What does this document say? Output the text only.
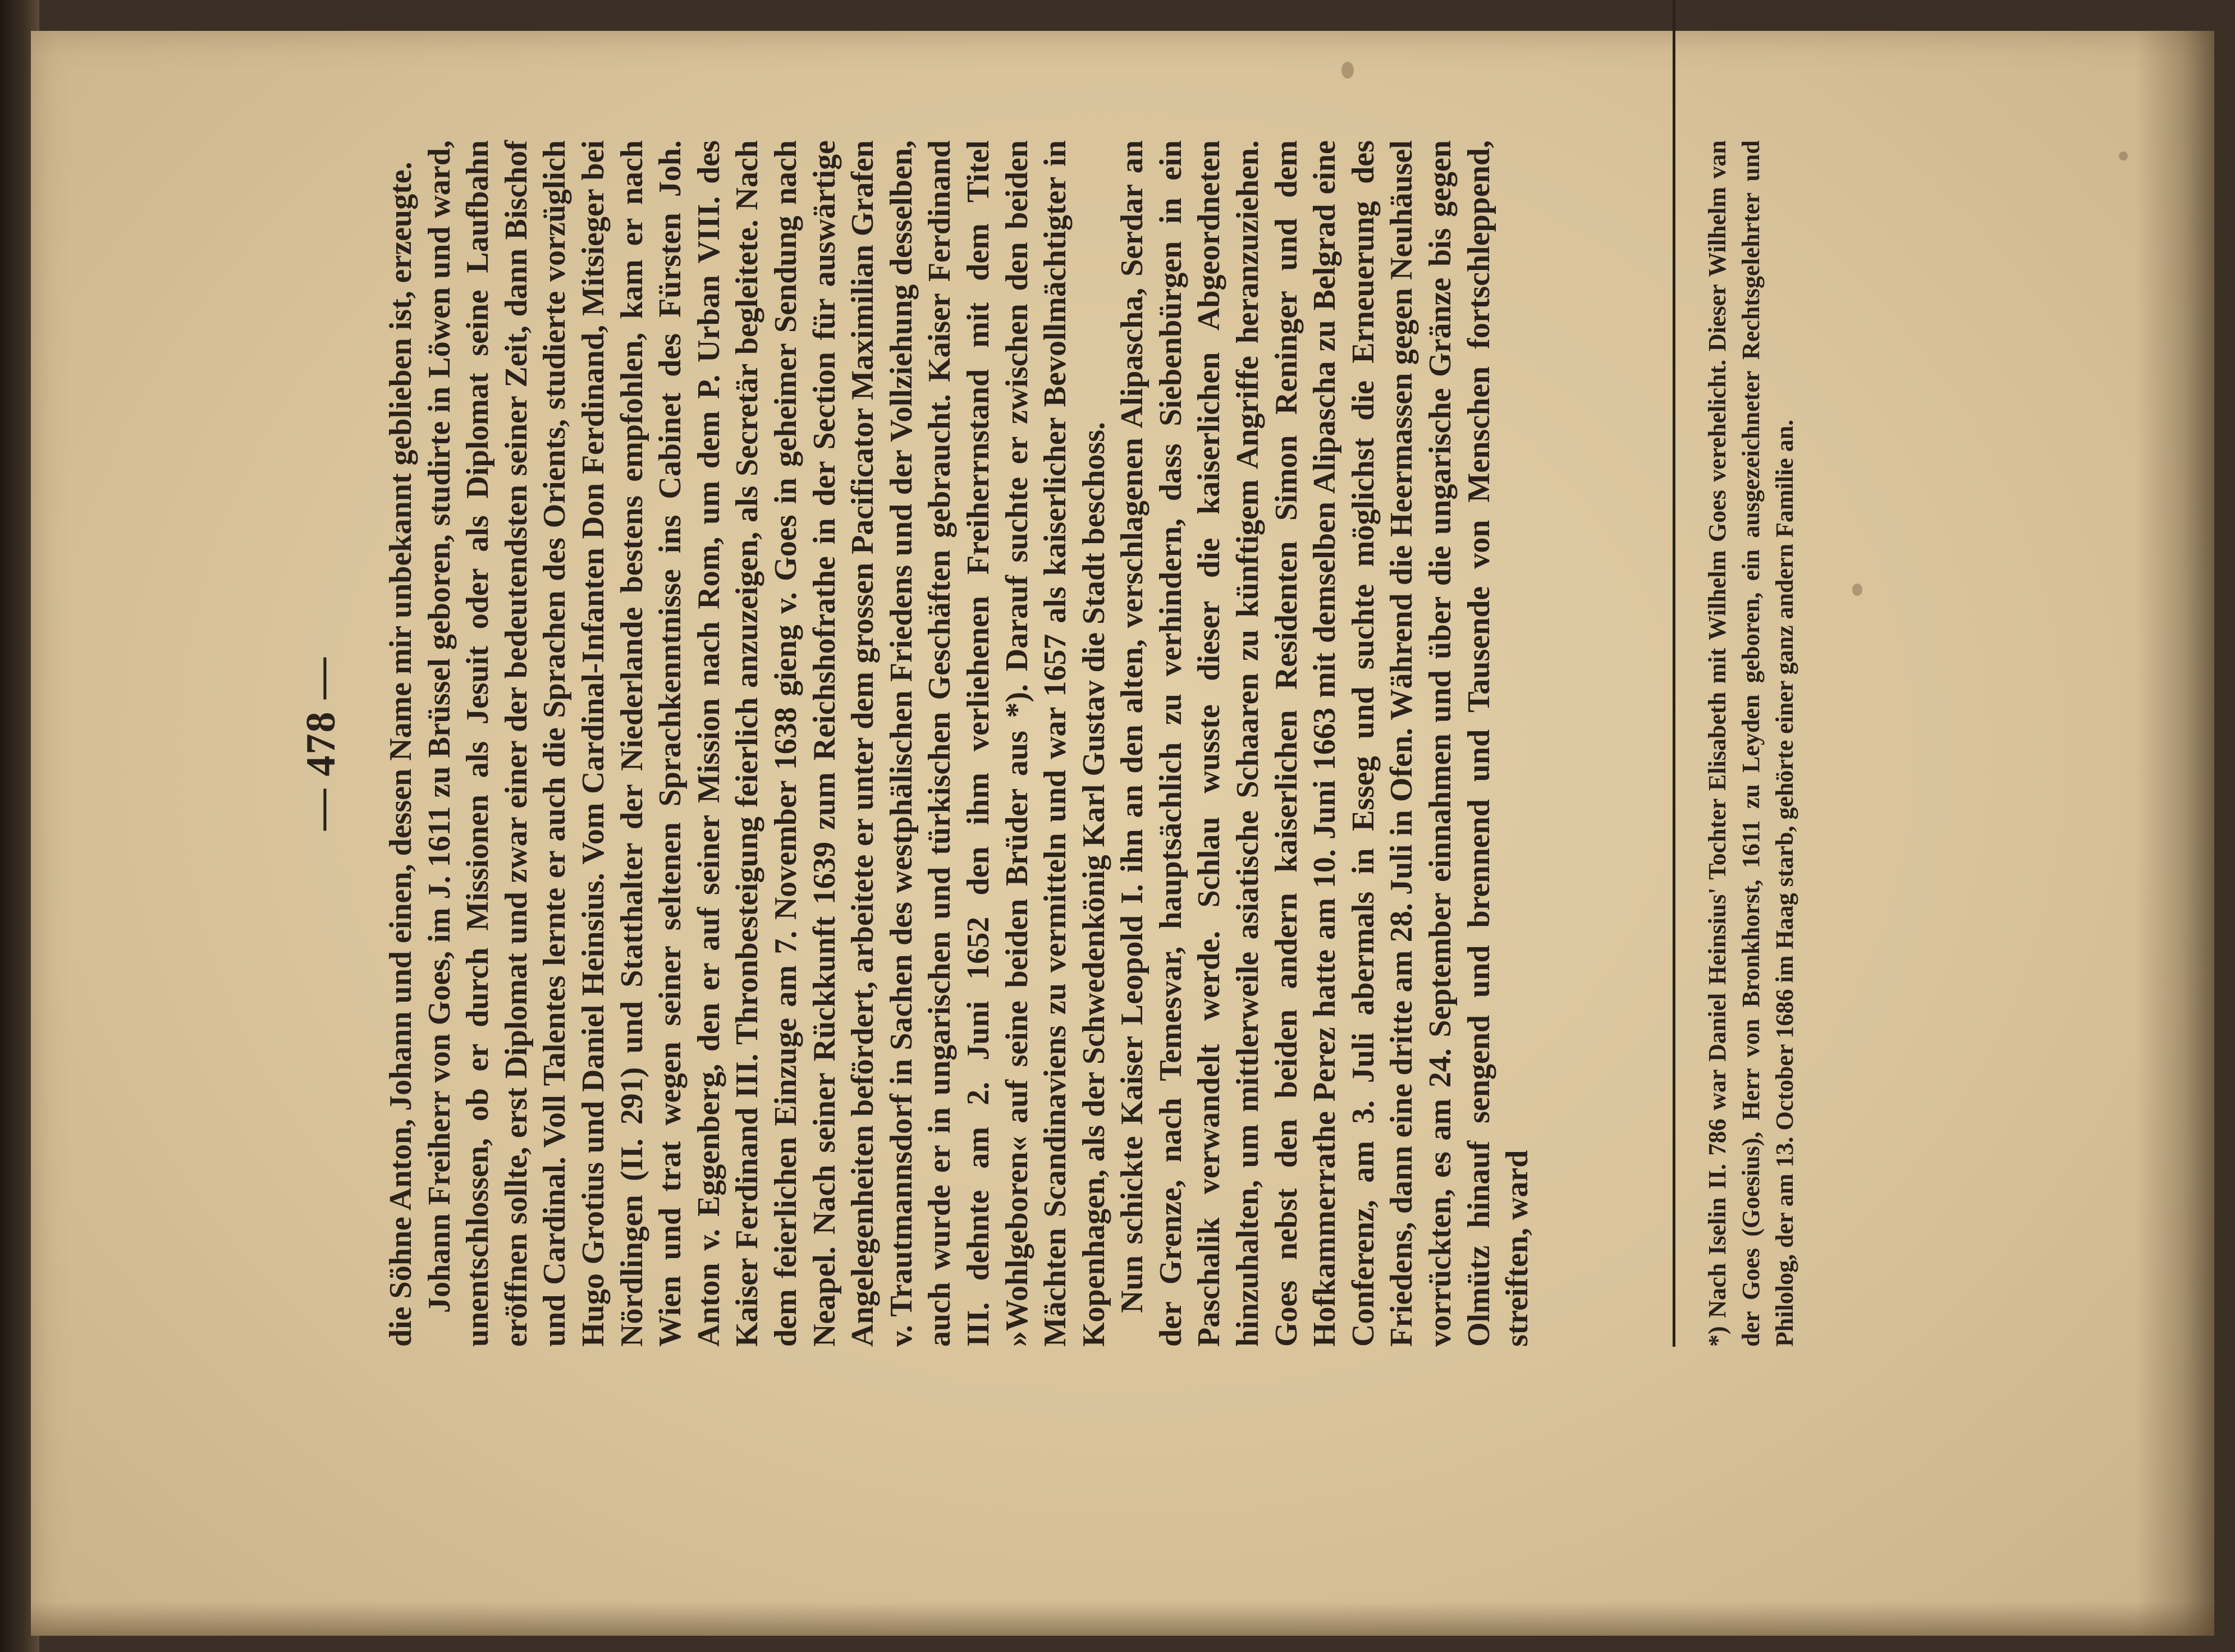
— 478 — die Söhne Anton, Johann und einen, dessen Name mir unbekannt geblieben ist, erzeugte. Johann Freiherr von Goes, im J. 1611 zu Brüssel geboren, studirte in Löwen und ward, unentschlossen, ob er durch Missionen als Jesuit oder als Diplomat seine Laufbahn eröffnen sollte, erst Diplomat und zwar einer der bedeutendsten seiner Zeit, dann Bischof und Cardinal. Voll Talentes lernte er auch die Sprachen des Orients, studierte vorzüglich Hugo Grotius und Daniel Heinsius. Vom Cardinal-Infanten Don Ferdinand, Mitsieger bei Nördlingen (II. 291) und Statthalter der Niederlande bestens empfohlen, kam er nach Wien und trat wegen seiner seltenen Sprachkenntnisse ins Cabinet des Fürsten Joh. Anton v. Eggenberg, den er auf seiner Mission nach Rom, um dem P. Urban VIII. des Kaiser Ferdinand III. Thronbesteigung feierlich anzuzeigen, als Secretär begleitete. Nach dem feierlichen Einzuge am 7. November 1638 gieng v. Goes in geheimer Sendung nach Neapel. Nach seiner Rückkunft 1639 zum Reichshofrathe in der Section für auswärtige Angelegenheiten befördert, arbeitete er unter dem grossen Pacificator Maximilian Grafen v. Trautmannsdorf in Sachen des westphälischen Friedens und der Vollziehung desselben, auch wurde er in ungarischen und türkischen Geschäften gebraucht. Kaiser Ferdinand III. dehnte am 2. Juni 1652 den ihm verliehenen Freiherrnstand mit dem Titel »Wohlgeboren« auf seine beiden Brüder aus *). Darauf suchte er zwischen den beiden Mächten Scandinaviens zu vermitteln und war 1657 als kaiserlicher Bevollmächtigter in Kopenhagen, als der Schwedenkönig Karl Gustav die Stadt beschoss. Nun schickte Kaiser Leopold I. ihn an den alten, verschlagenen Alipascha, Serdar an der Grenze, nach Temesvar, hauptsächlich zu verhindern, dass Siebenbürgen in ein Paschalik verwandelt werde. Schlau wusste dieser die kaiserlichen Abgeordneten hinzuhalten, um mittlerweile asiatische Schaaren zu künftigem Angriffe heranzuziehen. Goes nebst den beiden andern kaiserlichen Residenten Simon Reninger und dem Hofkammerrathe Perez hatte am 10. Juni 1663 mit demselben Alipascha zu Belgrad eine Conferenz, am 3. Juli abermals in Esseg und suchte möglichst die Erneuerung des Friedens, dann eine dritte am 28. Juli in Ofen. Während die Heermassen gegen Neuhäusel vorrückten, es am 24. September einnahmen und über die ungarische Gränze bis gegen Olmütz hinauf sengend und brennend und Tausende von Menschen fortschleppend, streiften, ward	*) Nach Iselin II. 786 war Daniel Heinsius' Tochter Elisabeth mit Wilhelm Goes verehelicht. Dieser Wilhelm van der Goes (Goesius), Herr von Bronkhorst, 1611 zu Leyden geboren, ein ausgezeichneter Rechtsgelehrter und Philolog, der am 13. October 1686 im Haag starb, gehörte einer ganz andern Familie an.
